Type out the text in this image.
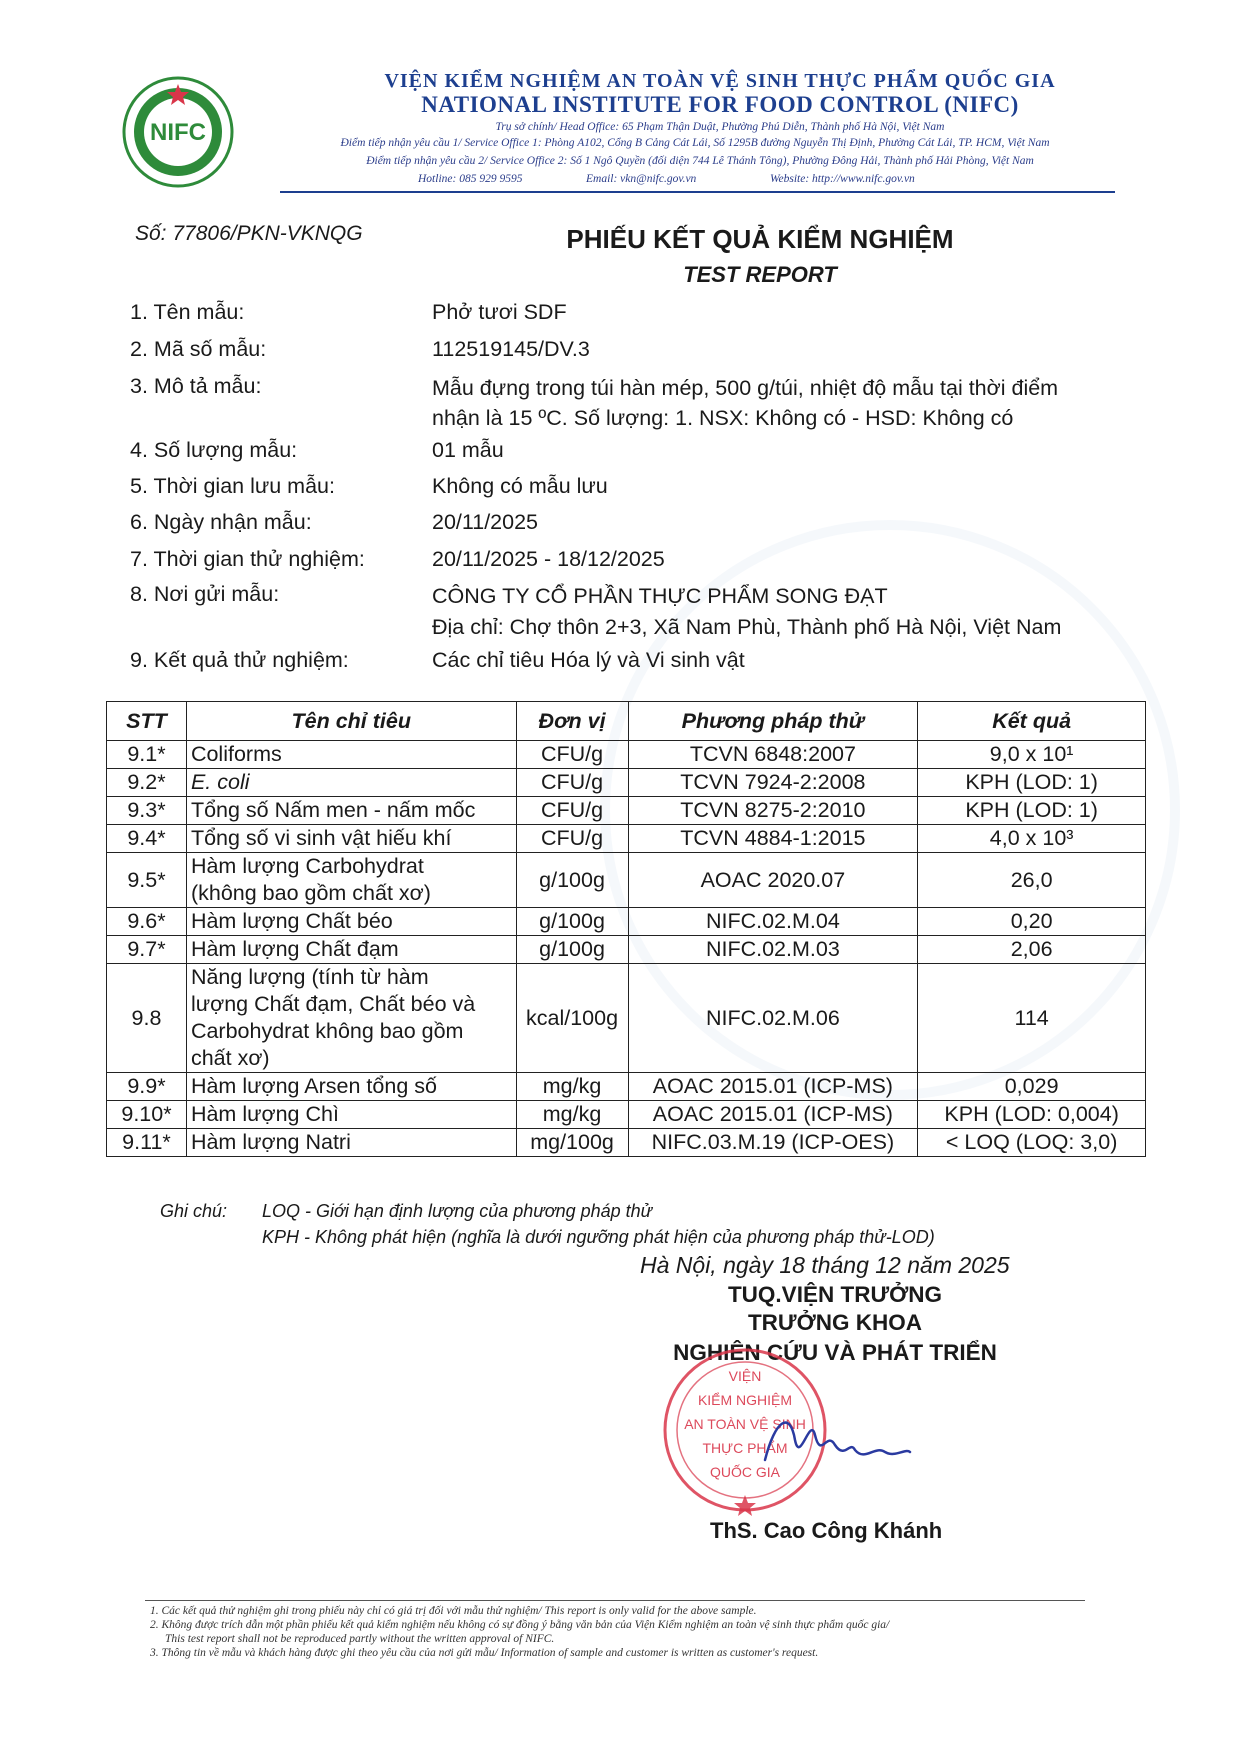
NIFC
VIỆN KIỂM NGHIỆM AN TOÀN VỆ SINH THỰC PHẨM QUỐC GIA
NATIONAL INSTITUTE FOR FOOD CONTROL (NIFC)
Trụ sở chính/ Head Office: 65 Phạm Thận Duật, Phường Phú Diễn, Thành phố Hà Nội, Việt Nam
Điểm tiếp nhận yêu cầu 1/ Service Office 1: Phòng A102, Cổng B Cảng Cát Lái, Số 1295B đường Nguyễn Thị Định, Phường Cát Lái, TP. HCM, Việt Nam
Điểm tiếp nhận yêu cầu 2/ Service Office 2: Số 1 Ngô Quyền (đối diện 744 Lê Thánh Tông), Phường Đông Hải, Thành phố Hải Phòng, Việt Nam
Hotline: 085 929 9595	Email: vkn@nifc.gov.vn	Website: http://www.nifc.gov.vn
Số: 77806/PKN-VKNQG	PHIẾU KẾT QUẢ KIỂM NGHIỆM
TEST REPORT
1. Tên mẫu:	Phở tươi SDF
2. Mã số mẫu:	112519145/DV.3
3. Mô tả mẫu:	Mẫu đựng trong túi hàn mép, 500 g/túi, nhiệt độ mẫu tại thời điểm
nhận là 15 ºC. Số lượng: 1. NSX: Không có - HSD: Không có
4. Số lượng mẫu:	01 mẫu
5. Thời gian lưu mẫu:	Không có mẫu lưu
6. Ngày nhận mẫu:	20/11/2025
7. Thời gian thử nghiệm:	20/11/2025 - 18/12/2025
8. Nơi gửi mẫu:	CÔNG TY CỔ PHẦN THỰC PHẨM SONG ĐẠT
Địa chỉ: Chợ thôn 2+3, Xã Nam Phù, Thành phố Hà Nội, Việt Nam
9. Kết quả thử nghiệm:	Các chỉ tiêu Hóa lý và Vi sinh vật
STT	Tên chỉ tiêu	Đơn vị	Phương pháp thử	Kết quả
9.1*	Coliforms	CFU/g	TCVN 6848:2007	9,0 x 10¹
9.2*	E. coli	CFU/g	TCVN 7924-2:2008	KPH (LOD: 1)
9.3*	Tổng số Nấm men - nấm mốc	CFU/g	TCVN 8275-2:2010	KPH (LOD: 1)
9.4*	Tổng số vi sinh vật hiếu khí	CFU/g	TCVN 4884-1:2015	4,0 x 10³
9.5*	Hàm lượng Carbohydrat
(không bao gồm chất xơ)	g/100g	AOAC 2020.07	26,0
9.6*	Hàm lượng Chất béo	g/100g	NIFC.02.M.04	0,20
9.7*	Hàm lượng Chất đạm	g/100g	NIFC.02.M.03	2,06
9.8	Năng lượng (tính từ hàm
lượng Chất đạm, Chất béo và
Carbohydrat không bao gồm
chất xơ)	kcal/100g	NIFC.02.M.06	114
9.9*	Hàm lượng Arsen tổng số	mg/kg	AOAC 2015.01 (ICP-MS)	0,029
9.10*	Hàm lượng Chì	mg/kg	AOAC 2015.01 (ICP-MS)	KPH (LOD: 0,004)
9.11*	Hàm lượng Natri	mg/100g	NIFC.03.M.19 (ICP-OES)	< LOQ (LOQ: 3,0)
Ghi chú: LOQ - Giới hạn định lượng của phương pháp thử
KPH - Không phát hiện (nghĩa là dưới ngưỡng phát hiện của phương pháp thử-LOD)
Hà Nội, ngày 18 tháng 12 năm 2025
TUQ.VIỆN TRƯỞNG
TRƯỞNG KHOA
NGHIÊN CỨU VÀ PHÁT TRIỂN
VIỆN
KIỂM NGHIỆM
AN TOÀN VỆ SINH
THỰC PHẨM
QUỐC GIA
ThS. Cao Công Khánh
1. Các kết quả thử nghiệm ghi trong phiếu này chỉ có giá trị đối với mẫu thử nghiệm/ This report is only valid for the above sample.
2. Không được trích dẫn một phần phiếu kết quả kiểm nghiệm nếu không có sự đồng ý bằng văn bản của Viện Kiểm nghiệm an toàn vệ sinh thực phẩm quốc gia/
This test report shall not be reproduced partly without the written approval of NIFC.
3. Thông tin về mẫu và khách hàng được ghi theo yêu cầu của nơi gửi mẫu/ Information of sample and customer is written as customer's request.
